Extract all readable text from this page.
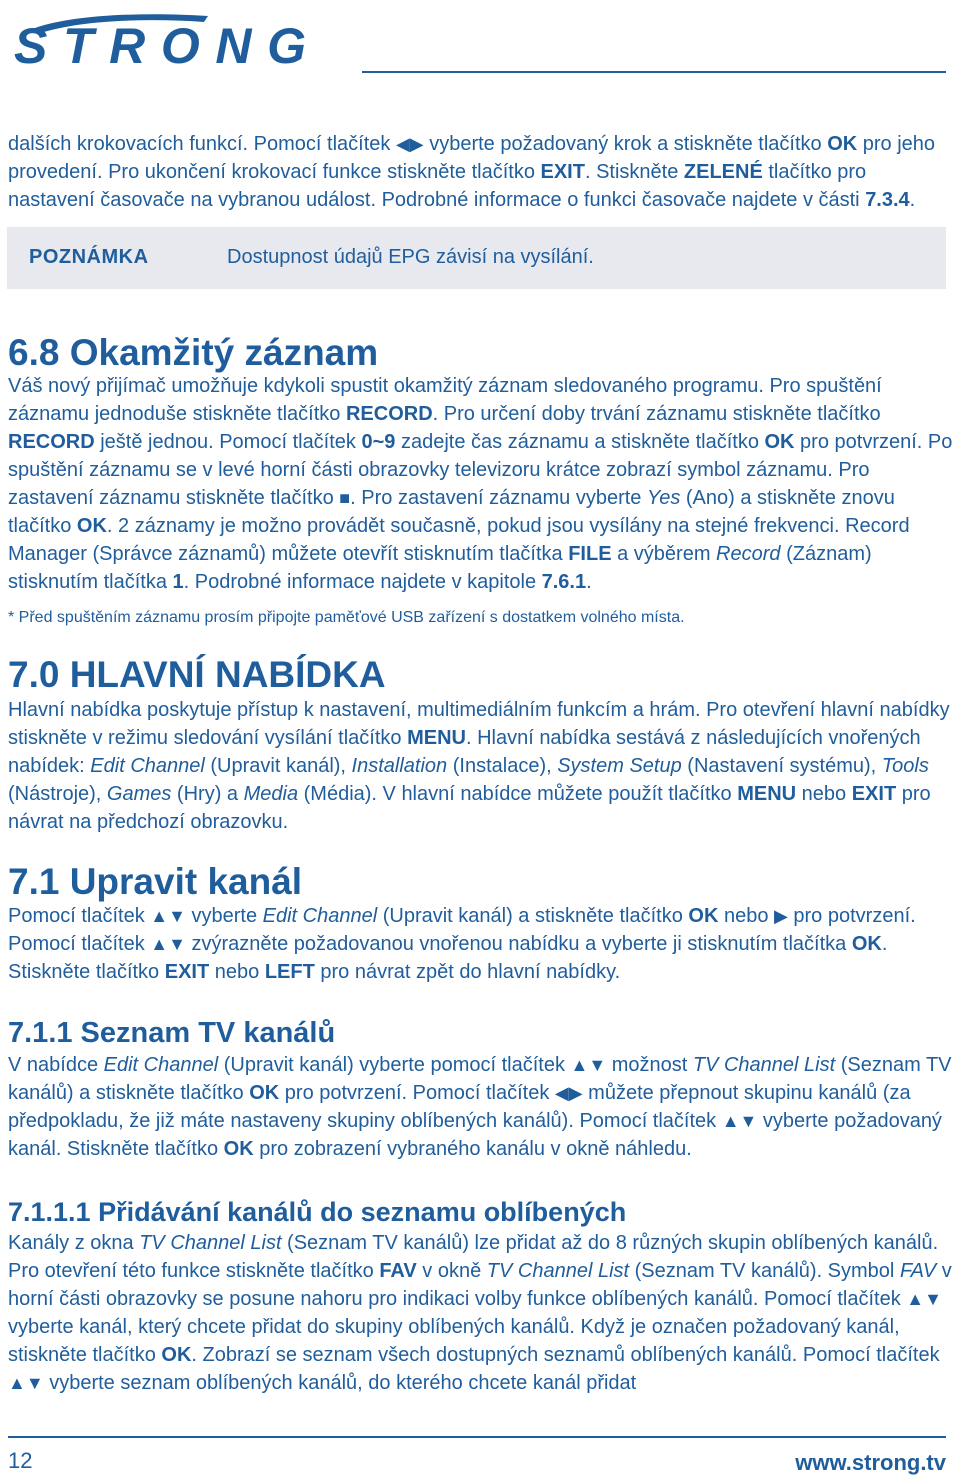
STRONG

dalších krokovacích funkcí. Pomocí tlačítek ◀▶ vyberte požadovaný krok a stiskněte tlačítko OK pro jeho provedení. Pro ukončení krokovací funkce stiskněte tlačítko EXIT. Stiskněte ZELENÉ tlačítko pro nastavení časovače na vybranou událost. Podrobné informace o funkci časovače najdete v části 7.3.4.

POZNÁMKA	Dostupnost údajů EPG závisí na vysílání.
6.8 Okamžitý záznam

Váš nový přijímač umožňuje kdykoli spustit okamžitý záznam sledovaného programu. Pro spuštění záznamu jednoduše stiskněte tlačítko RECORD. Pro určení doby trvání záznamu stiskněte tlačítko RECORD ještě jednou. Pomocí tlačítek 0~9 zadejte čas záznamu a stiskněte tlačítko OK pro potvrzení. Po spuštění záznamu se v levé horní části obrazovky televizoru krátce zobrazí symbol záznamu. Pro zastavení záznamu stiskněte tlačítko ■. Pro zastavení záznamu vyberte Yes (Ano) a stiskněte znovu tlačítko OK. 2 záznamy je možno provádět současně, pokud jsou vysílány na stejné frekvenci. Record Manager (Správce záznamů) můžete otevřít stisknutím tlačítka FILE a výběrem Record (Záznam) stisknutím tlačítka 1. Podrobné informace najdete v kapitole 7.6.1.

* Před spuštěním záznamu prosím připojte paměťové USB zařízení s dostatkem volného místa.
7.0 HLAVNÍ NABÍDKA

Hlavní nabídka poskytuje přístup k nastavení, multimediálním funkcím a hrám. Pro otevření hlavní nabídky stiskněte v režimu sledování vysílání tlačítko MENU. Hlavní nabídka sestává z následujících vnořených nabídek: Edit Channel (Upravit kanál), Installation (Instalace), System Setup (Nastavení systému), Tools (Nástroje), Games (Hry) a Media (Média). V hlavní nabídce můžete použít tlačítko MENU nebo EXIT pro návrat na předchozí obrazovku.

7.1 Upravit kanál

Pomocí tlačítek ▲▼ vyberte Edit Channel (Upravit kanál) a stiskněte tlačítko OK nebo ▶ pro potvrzení. Pomocí tlačítek ▲▼ zvýrazněte požadovanou vnořenou nabídku a vyberte ji stisknutím tlačítka OK. Stiskněte tlačítko EXIT nebo LEFT pro návrat zpět do hlavní nabídky.

7.1.1 Seznam TV kanálů

V nabídce Edit Channel (Upravit kanál) vyberte pomocí tlačítek ▲▼ možnost TV Channel List (Seznam TV kanálů) a stiskněte tlačítko OK pro potvrzení. Pomocí tlačítek ◀▶ můžete přepnout skupinu kanálů (za předpokladu, že již máte nastaveny skupiny oblíbených kanálů). Pomocí tlačítek ▲▼ vyberte požadovaný kanál. Stiskněte tlačítko OK pro zobrazení vybraného kanálu v okně náhledu.

7.1.1.1 Přidávání kanálů do seznamu oblíbených

Kanály z okna TV Channel List (Seznam TV kanálů) lze přidat až do 8 různých skupin oblíbených kanálů. Pro otevření této funkce stiskněte tlačítko FAV v okně TV Channel List (Seznam TV kanálů). Symbol FAV v horní části obrazovky se posune nahoru pro indikaci volby funkce oblíbených kanálů. Pomocí tlačítek ▲▼ vyberte kanál, který chcete přidat do skupiny oblíbených kanálů. Když je označen požadovaný kanál, stiskněte tlačítko OK. Zobrazí se seznam všech dostupných seznamů oblíbených kanálů. Pomocí tlačítek ▲▼ vyberte seznam oblíbených kanálů, do kterého chcete kanál přidat

12	www.strong.tv
